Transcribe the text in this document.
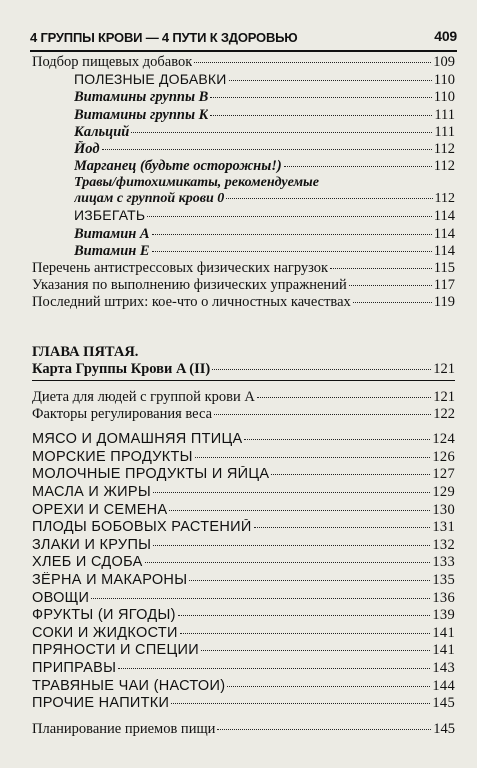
4 ГРУППЫ КРОВИ — 4 ПУТИ К ЗДОРОВЬЮ	409
Подбор пищевых добавок	109
ПОЛЕЗНЫЕ ДОБАВКИ	110
Витамины группы B	110
Витамины группы K	111
Кальций	111
Йод	112
Марганец (будьте осторожны!)	112
Травы/фитохимикаты, рекомендуемые
лицам с группой крови 0	112
ИЗБЕГАТЬ	114
Витамин A	114
Витамин E	114
Перечень антистрессовых физических нагрузок	115
Указания по выполнению физических упражнений	117
Последний штрих: кое-что о личностных качествах	119
ГЛАВА ПЯТАЯ.
Карта Группы Крови A (II)	121
Диета для людей с группой крови A	121
Факторы регулирования веса	122
МЯСО И ДОМАШНЯЯ ПТИЦА	124
МОРСКИЕ ПРОДУКТЫ	126
МОЛОЧНЫЕ ПРОДУКТЫ И ЯЙЦА	127
МАСЛА И ЖИРЫ	129
ОРЕХИ И СЕМЕНА	130
ПЛОДЫ БОБОВЫХ РАСТЕНИЙ	131
ЗЛАКИ И КРУПЫ	132
ХЛЕБ И СДОБА	133
ЗЁРНА И МАКАРОНЫ	135
ОВОЩИ	136
ФРУКТЫ (И ЯГОДЫ)	139
СОКИ И ЖИДКОСТИ	141
ПРЯНОСТИ И СПЕЦИИ	141
ПРИПРАВЫ	143
ТРАВЯНЫЕ ЧАИ (НАСТОИ)	144
ПРОЧИЕ НАПИТКИ	145
Планирование приемов пищи	145
